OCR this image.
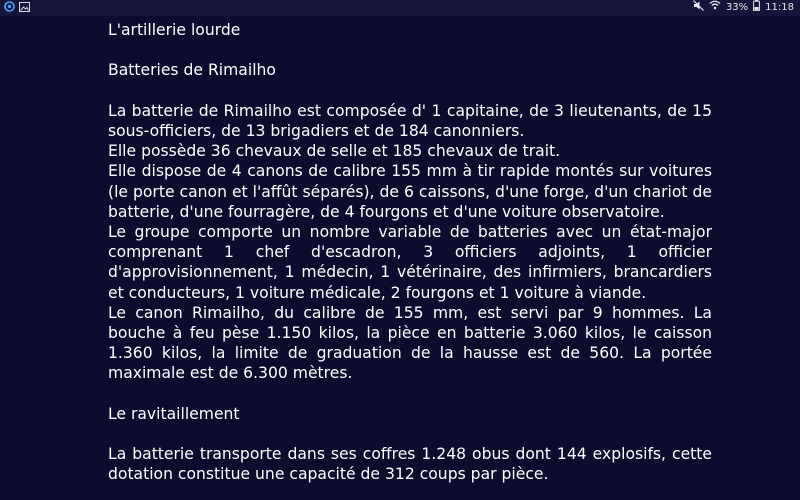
33% 11:18
L'artillerie lourde
Batteries de Rimailho

La batterie de Rimailho est composée d' 1 capitaine, de 3 lieutenants, de 15 sous-officiers, de 13 brigadiers et de 184 canonniers.

Elle possède 36 chevaux de selle et 185 chevaux de trait.

Elle dispose de 4 canons de calibre 155 mm à tir rapide montés sur voitures (le porte canon et l'affût séparés), de 6 caissons, d'une forge, d'un chariot de batterie, d'une fourragère, de 4 fourgons et d'une voiture observatoire.

Le groupe comporte un nombre variable de batteries avec un état-major comprenant 1 chef d'escadron, 3 officiers adjoints, 1 officier d'approvisionnement, 1 médecin, 1 vétérinaire, des infirmiers, brancardiers et conducteurs, 1 voiture médicale, 2 fourgons et 1 voiture à viande.

Le canon Rimailho, du calibre de 155 mm, est servi par 9 hommes. La bouche à feu pèse 1.150 kilos, la pièce en batterie 3.060 kilos, le caisson 1.360 kilos, la limite de graduation de la hausse est de 560. La portée maximale est de 6.300 mètres.

Le ravitaillement

La batterie transporte dans ses coffres 1.248 obus dont 144 explosifs, cette dotation constitue une capacité de 312 coups par pièce.
